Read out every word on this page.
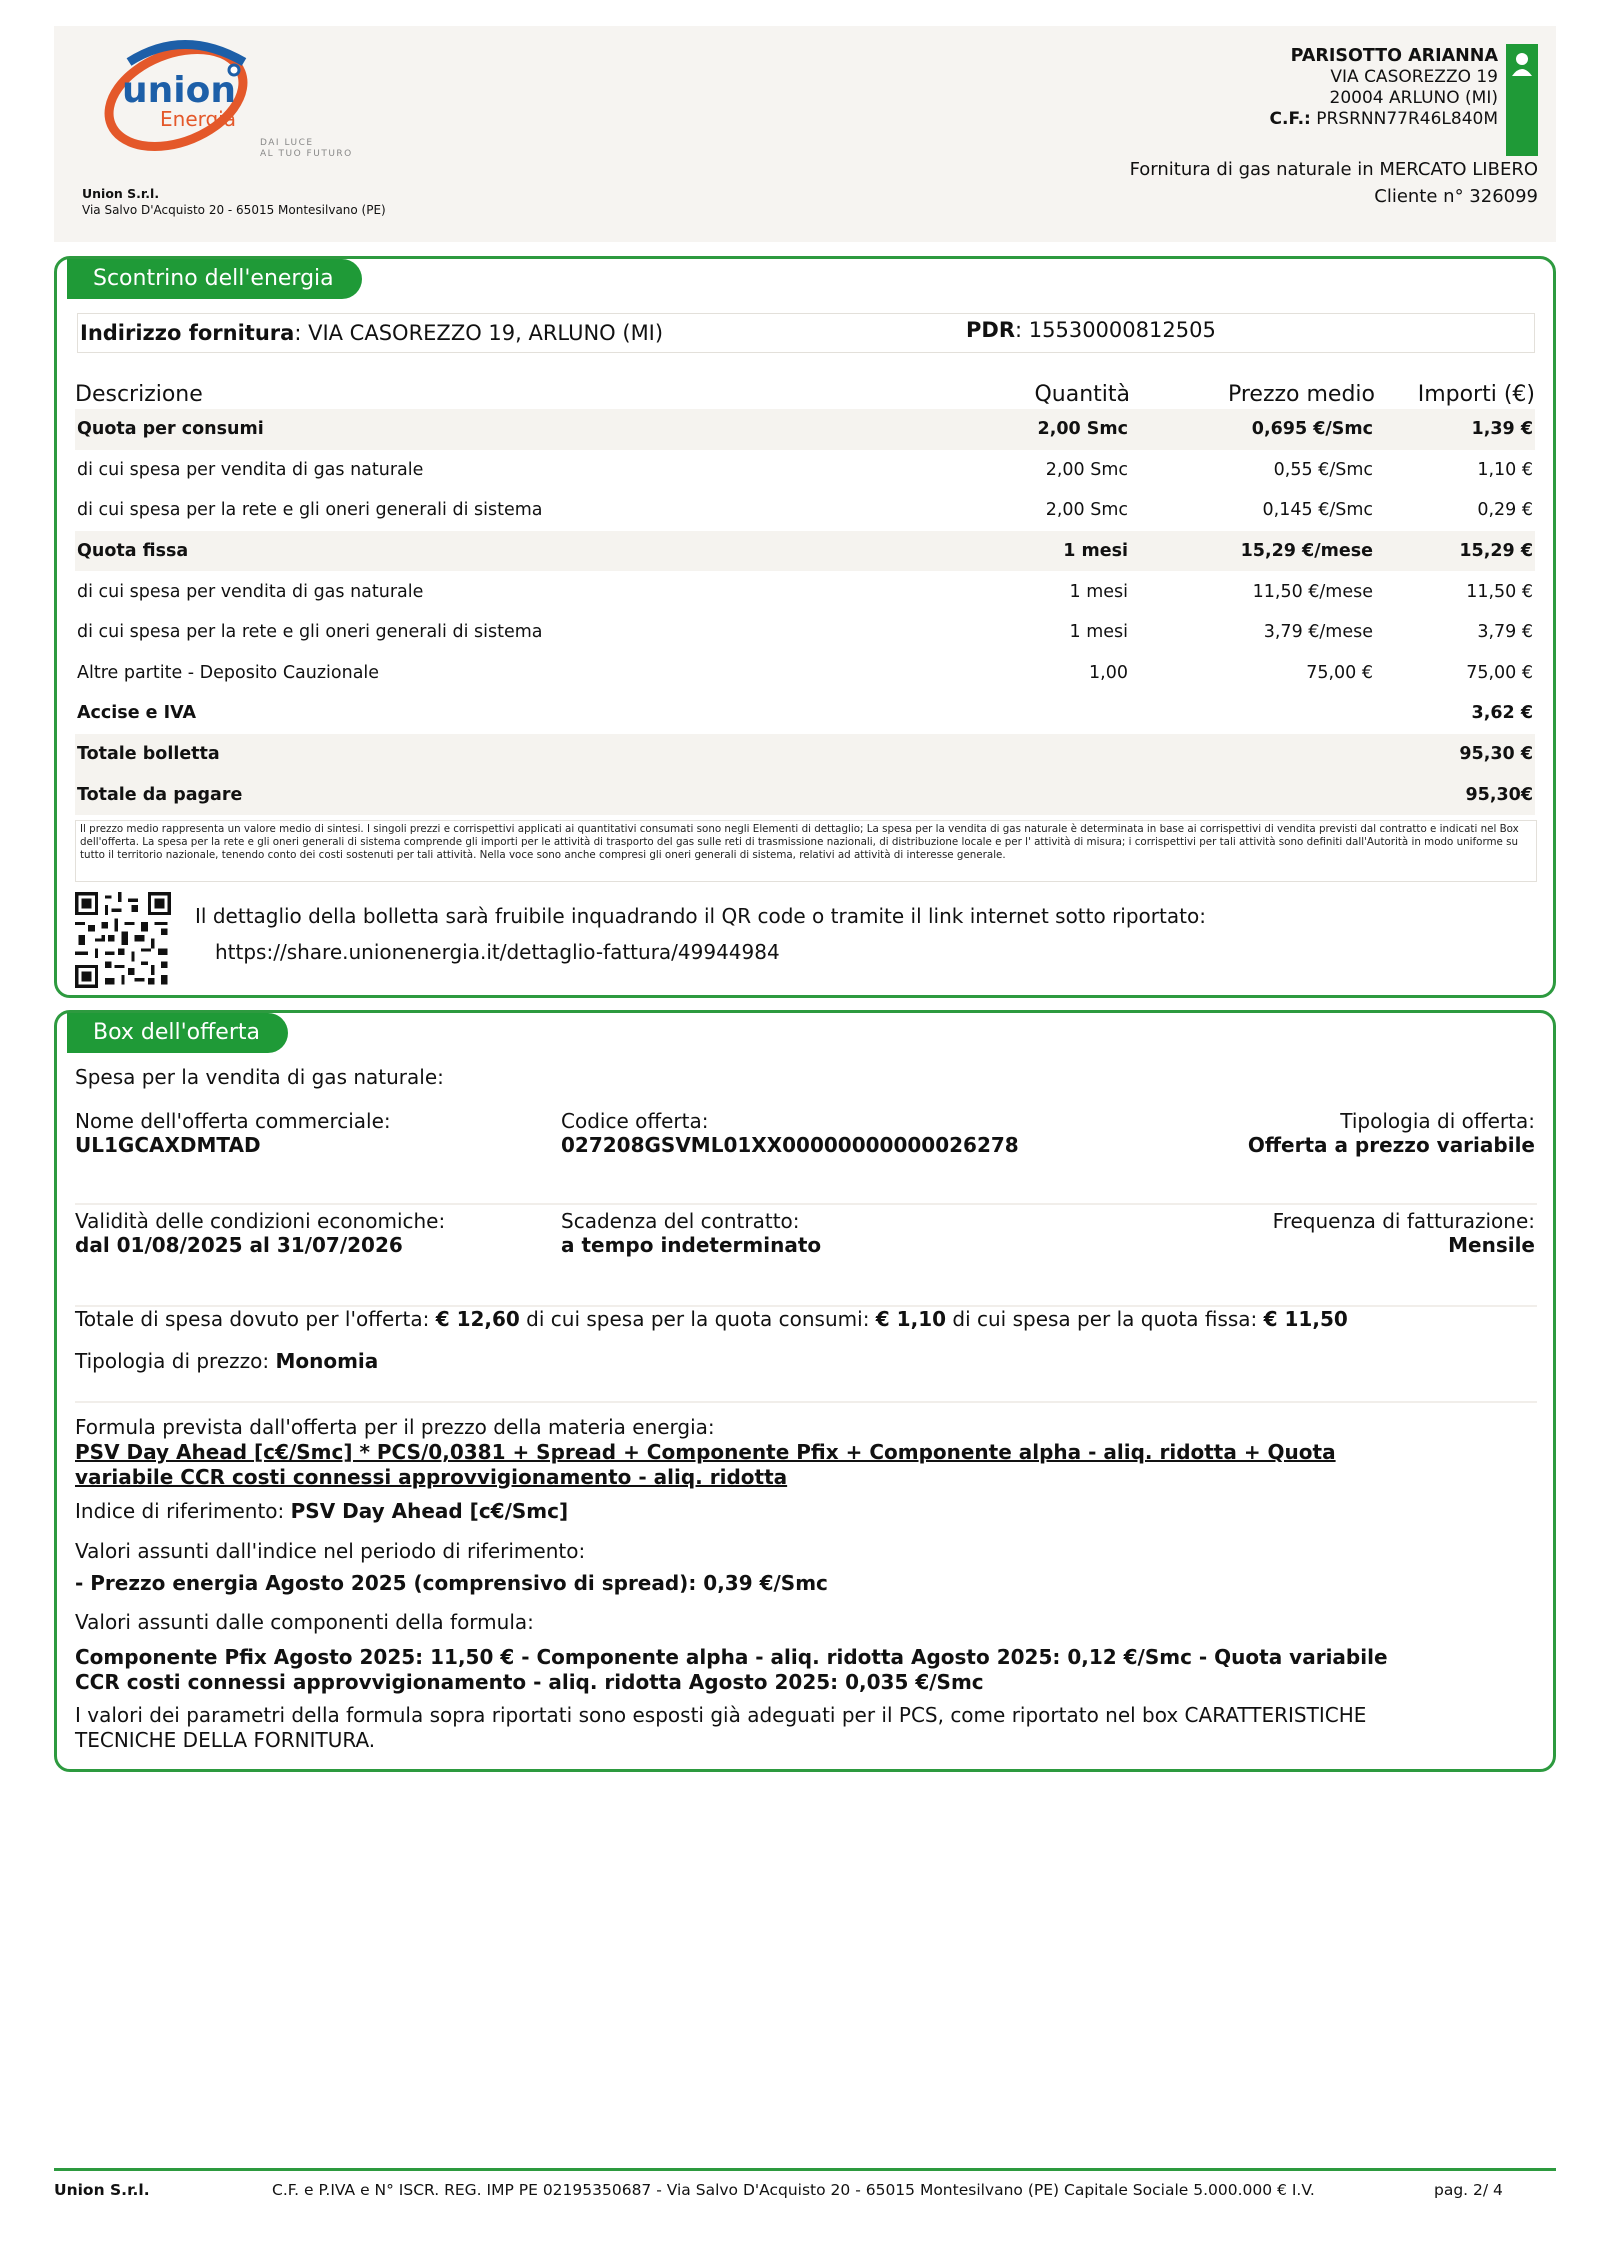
union
Energia
DAI LUCE
AL TUO FUTURO
Union S.r.l.
Via Salvo D'Acquisto 20 - 65015 Montesilvano (PE)
PARISOTTO ARIANNA
VIA CASOREZZO 19
20004 ARLUNO (MI)
C.F.: PRSRNN77R46L840M
Fornitura di gas naturale in MERCATO LIBERO
Cliente n° 326099
Scontrino dell'energia
Indirizzo fornitura: VIA CASOREZZO 19, ARLUNO (MI)	PDR: 15530000812505
Descrizione	Quantità	Prezzo medio	Importi (€)
Quota per consumi	2,00 Smc	0,695 €/Smc	1,39 €
di cui spesa per vendita di gas naturale	2,00 Smc	0,55 €/Smc	1,10 €
di cui spesa per la rete e gli oneri generali di sistema	2,00 Smc	0,145 €/Smc	0,29 €
Quota fissa	1 mesi	15,29 €/mese	15,29 €
di cui spesa per vendita di gas naturale	1 mesi	11,50 €/mese	11,50 €
di cui spesa per la rete e gli oneri generali di sistema	1 mesi	3,79 €/mese	3,79 €
Altre partite - Deposito Cauzionale	1,00	75,00 €	75,00 €
Accise e IVA			3,62 €
Totale bolletta			95,30 €
Totale da pagare			95,30€
Il prezzo medio rappresenta un valore medio di sintesi. I singoli prezzi e corrispettivi applicati ai quantitativi consumati sono negli Elementi di dettaglio; La spesa per la vendita di gas naturale è determinata in base ai corrispettivi di vendita previsti dal contratto e indicati nel Box dell'offerta. La spesa per la rete e gli oneri generali di sistema comprende gli importi per le attività di trasporto del gas sulle reti di trasmissione nazionali, di distribuzione locale e per l' attività di misura; i corrispettivi per tali attività sono definiti dall'Autorità in modo uniforme su tutto il territorio nazionale, tenendo conto dei costi sostenuti per tali attività. Nella voce sono anche compresi gli oneri generali di sistema, relativi ad attività di interesse generale.
Il dettaglio della bolletta sarà fruibile inquadrando il QR code o tramite il link internet sotto riportato:
https://share.unionenergia.it/dettaglio-fattura/49944984
Box dell'offerta
Spesa per la vendita di gas naturale:
Nome dell'offerta commerciale:
UL1GCAXDMTAD
Codice offerta:
027208GSVML01XX00000000000026278
Tipologia di offerta:
Offerta a prezzo variabile
Validità delle condizioni economiche:
dal 01/08/2025 al 31/07/2026
Scadenza del contratto:
a tempo indeterminato
Frequenza di fatturazione:
Mensile
Totale di spesa dovuto per l'offerta: € 12,60 di cui spesa per la quota consumi: € 1,10 di cui spesa per la quota fissa: € 11,50
Tipologia di prezzo: Monomia
Formula prevista dall'offerta per il prezzo della materia energia:
PSV Day Ahead [c€/Smc] * PCS/0,0381 + Spread + Componente Pfix + Componente alpha - aliq. ridotta + Quota
variabile CCR costi connessi approvvigionamento - aliq. ridotta
Indice di riferimento: PSV Day Ahead [c€/Smc]
Valori assunti dall'indice nel periodo di riferimento:
- Prezzo energia Agosto 2025 (comprensivo di spread): 0,39 €/Smc
Valori assunti dalle componenti della formula:
Componente Pfix Agosto 2025: 11,50 € - Componente alpha - aliq. ridotta Agosto 2025: 0,12 €/Smc - Quota variabile
CCR costi connessi approvvigionamento - aliq. ridotta Agosto 2025: 0,035 €/Smc
I valori dei parametri della formula sopra riportati sono esposti già adeguati per il PCS, come riportato nel box CARATTERISTICHE
TECNICHE DELLA FORNITURA.
Union S.r.l.	C.F. e P.IVA e N° ISCR. REG. IMP PE 02195350687 - Via Salvo D'Acquisto 20 - 65015 Montesilvano (PE) Capitale Sociale 5.000.000 € I.V.	pag. 2/ 4
